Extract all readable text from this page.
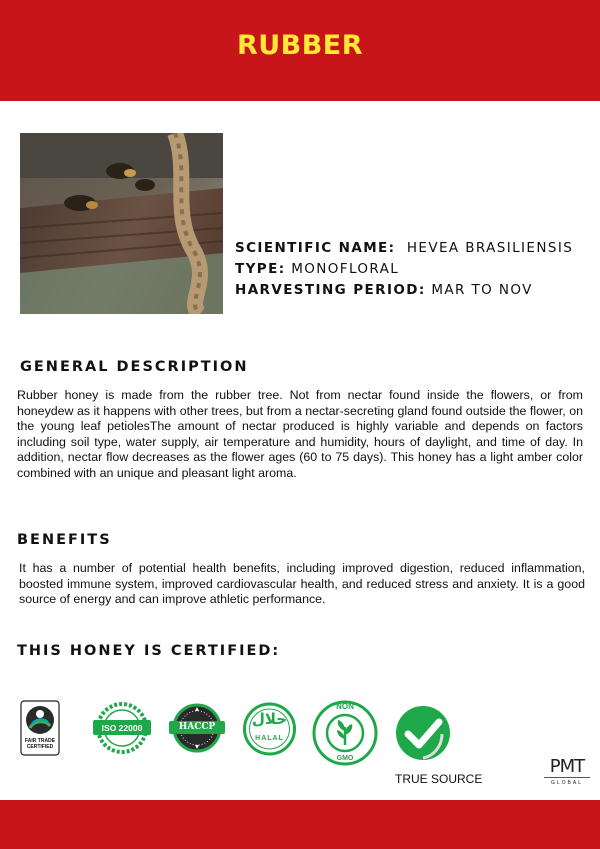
RUBBER
SCIENTIFIC NAME: HEVEA BRASILIENSIS
TYPE: MONOFLORAL
HARVESTING PERIOD: MAR TO NOV
GENERAL DESCRIPTION
Rubber honey is made from the rubber tree. Not from nectar found inside the flowers, or from honeydew as it happens with other trees, but from a nectar-secreting gland found outside the flower, on the young leaf petiolesThe amount of nectar produced is highly variable and depends on factors including soil type, water supply, air temperature and humidity, hours of daylight, and time of day. In addition, nectar flow decreases as the flower ages (60 to 75 days). This honey has a light amber color combined with an unique and pleasant light aroma.
BENEFITS
It has a number of potential health benefits, including improved digestion, reduced inflammation, boosted immune system, improved cardiovascular health, and reduced stress and anxiety. It is a good source of energy and can improve athletic performance.
THIS HONEY IS CERTIFIED:
FAIR TRADE
CERTIFIED
ISO 22000	HACCP	حلال
HALAL
NON
GMO
TRUE SOURCE
PMT
GLOBAL
